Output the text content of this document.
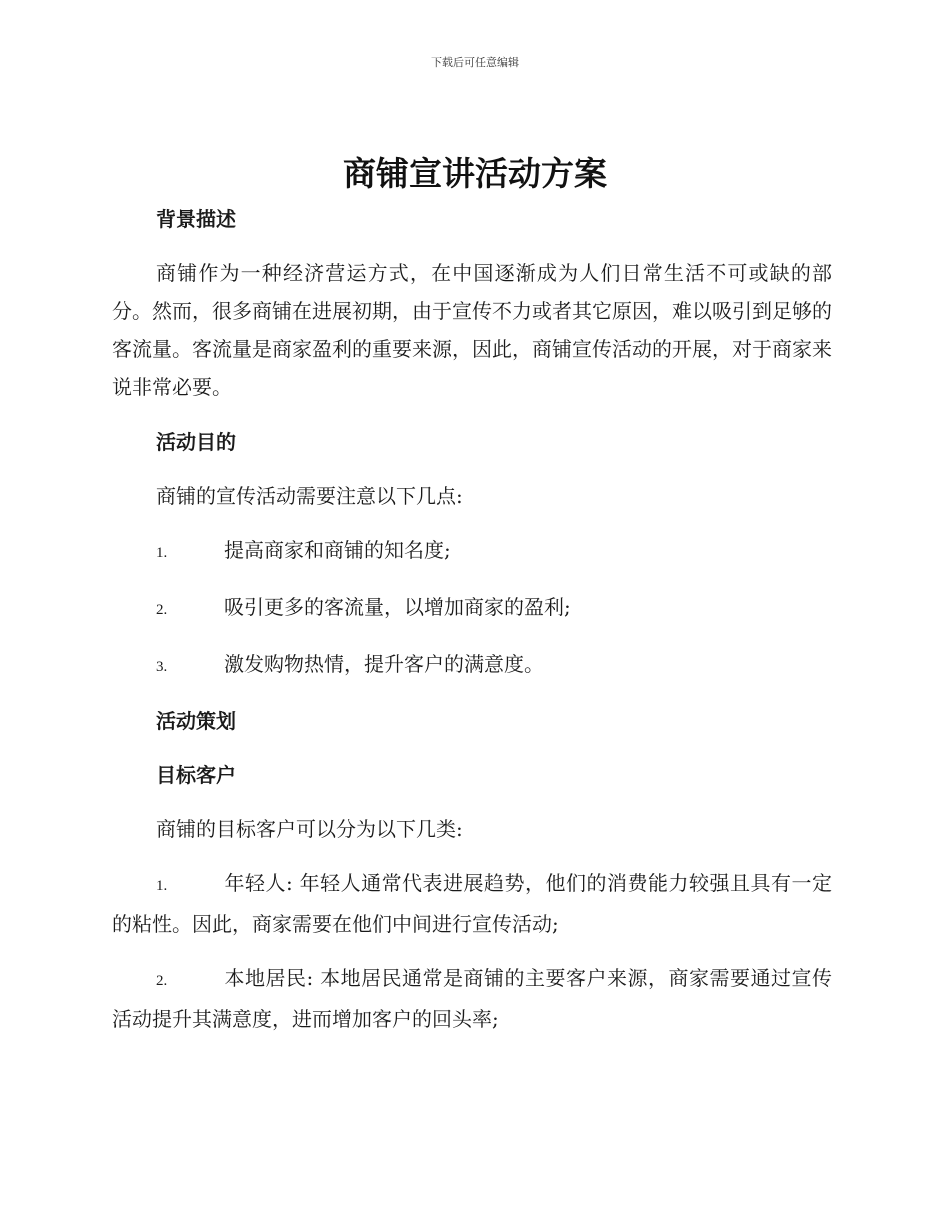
下载后可任意编辑
商铺宣讲活动方案

背景描述

商铺作为一种经济营运方式，在中国逐渐成为人们日常生活不可或缺的部分。然而，很多商铺在进展初期，由于宣传不力或者其它原因，难以吸引到足够的客流量。客流量是商家盈利的重要来源，因此，商铺宣传活动的开展，对于商家来说非常必要。

活动目的

商铺的宣传活动需要注意以下几点:

1.	提高商家和商铺的知名度;

2.	吸引更多的客流量，以增加商家的盈利;

3.	激发购物热情，提升客户的满意度。

活动策划

目标客户

商铺的目标客户可以分为以下几类:

1.	年轻人: 年轻人通常代表进展趋势，他们的消费能力较强且具有一定的粘性。因此，商家需要在他们中间进行宣传活动;

2.	本地居民: 本地居民通常是商铺的主要客户来源，商家需要通过宣传活动提升其满意度，进而增加客户的回头率;
